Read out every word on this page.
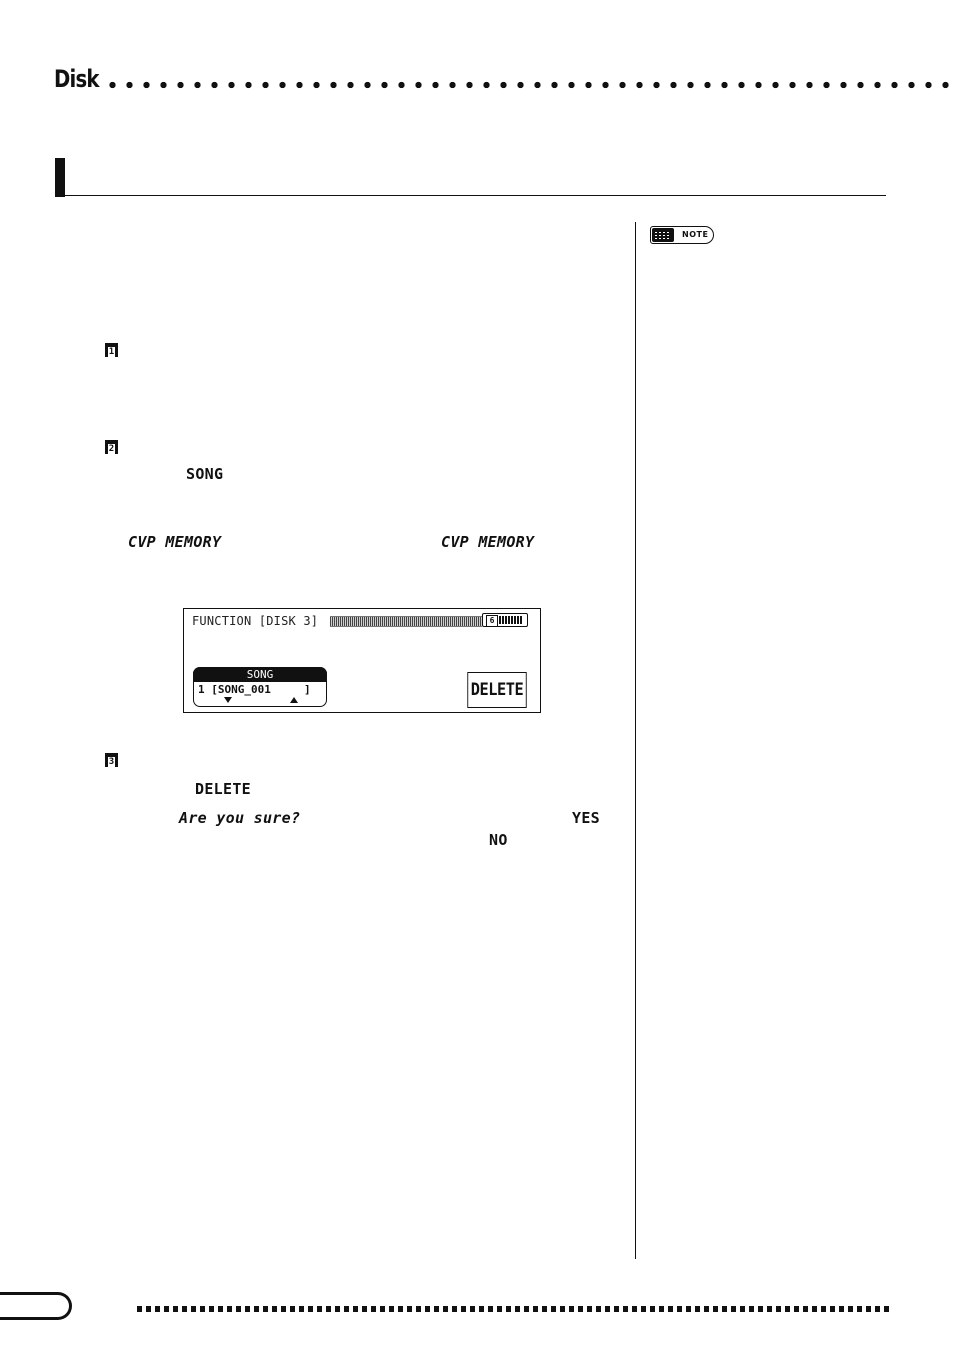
Disk
NOTE
1
2
SONG
CVP MEMORY	CVP MEMORY
FUNCTION [DISK 3]	6
SONG
1 [SONG_001     ]	DELETE
3
DELETE
Are you sure?	YES
NO
